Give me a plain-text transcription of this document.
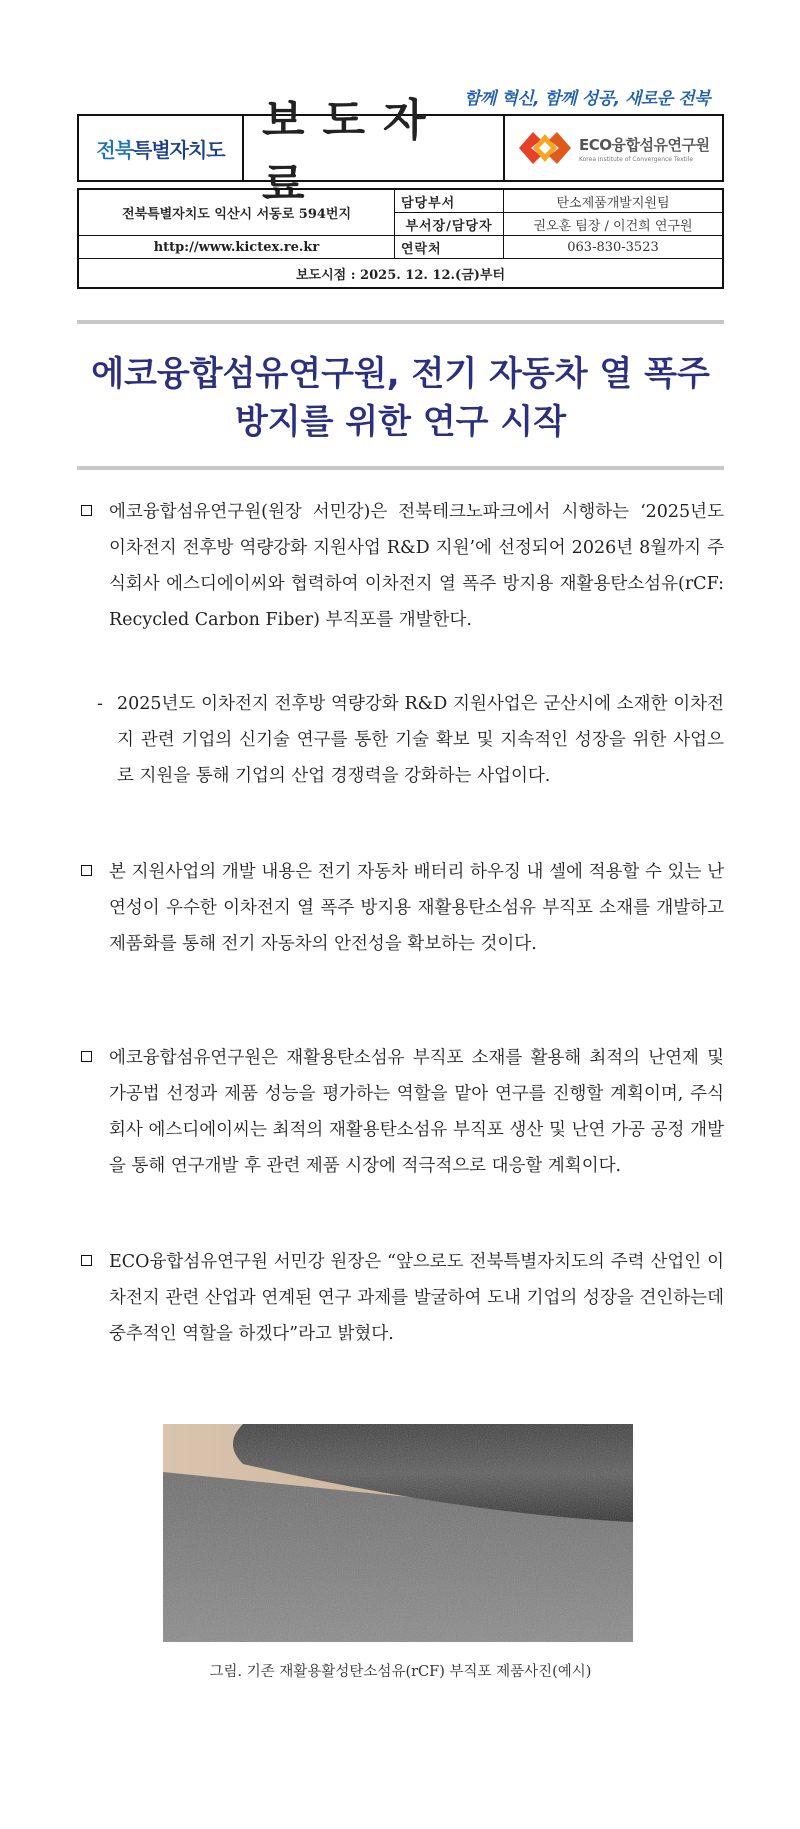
함께 혁신, 함께 성공, 새로운 전북
전북 특별자치도
보도자료
ECO융합섬유연구원
Korea Institute of Convergence Textile
전북특별자치도 익산시 서동로 594번지	담당부서	탄소제품개발지원팀
	부서장/담당자	권오훈 팀장 / 이건희 연구원
http://www.kictex.re.kr	연락처	063-830-3523
보도시점 : 2025. 12. 12.(금)부터		
에코융합섬유연구원, 전기 자동차 열 폭주
방지를 위한 연구 시작
에코융합섬유연구원(원장 서민강)은 전북테크노파크에서 시행하는 ‘2025년도 이차전지 전후방 역량강화 지원사업 R&D 지원’에 선정되어 2026년 8월까지 주식회사 에스디에이씨와 협력하여 이차전지 열 폭주 방지용 재활용탄소섬유(rCF: Recycled Carbon Fiber) 부직포를 개발한다.
- 2025년도 이차전지 전후방 역량강화 R&D 지원사업은 군산시에 소재한 이차전지 관련 기업의 신기술 연구를 통한 기술 확보 및 지속적인 성장을 위한 사업으로 지원을 통해 기업의 산업 경쟁력을 강화하는 사업이다.
본 지원사업의 개발 내용은 전기 자동차 배터리 하우징 내 셀에 적용할 수 있는 난연성이 우수한 이차전지 열 폭주 방지용 재활용탄소섬유 부직포 소재를 개발하고 제품화를 통해 전기 자동차의 안전성을 확보하는 것이다.
에코융합섬유연구원은 재활용탄소섬유 부직포 소재를 활용해 최적의 난연제 및 가공법 선정과 제품 성능을 평가하는 역할을 맡아 연구를 진행할 계획이며, 주식회사 에스디에이씨는 최적의 재활용탄소섬유 부직포 생산 및 난연 가공 공정 개발을 통해 연구개발 후 관련 제품 시장에 적극적으로 대응할 계획이다.
ECO융합섬유연구원 서민강 원장은 “앞으로도 전북특별자치도의 주력 산업인 이차전지 관련 산업과 연계된 연구 과제를 발굴하여 도내 기업의 성장을 견인하는데 중추적인 역할을 하겠다”라고 밝혔다.
그림. 기존 재활용활성탄소섬유(rCF) 부직포 제품사진(예시)
